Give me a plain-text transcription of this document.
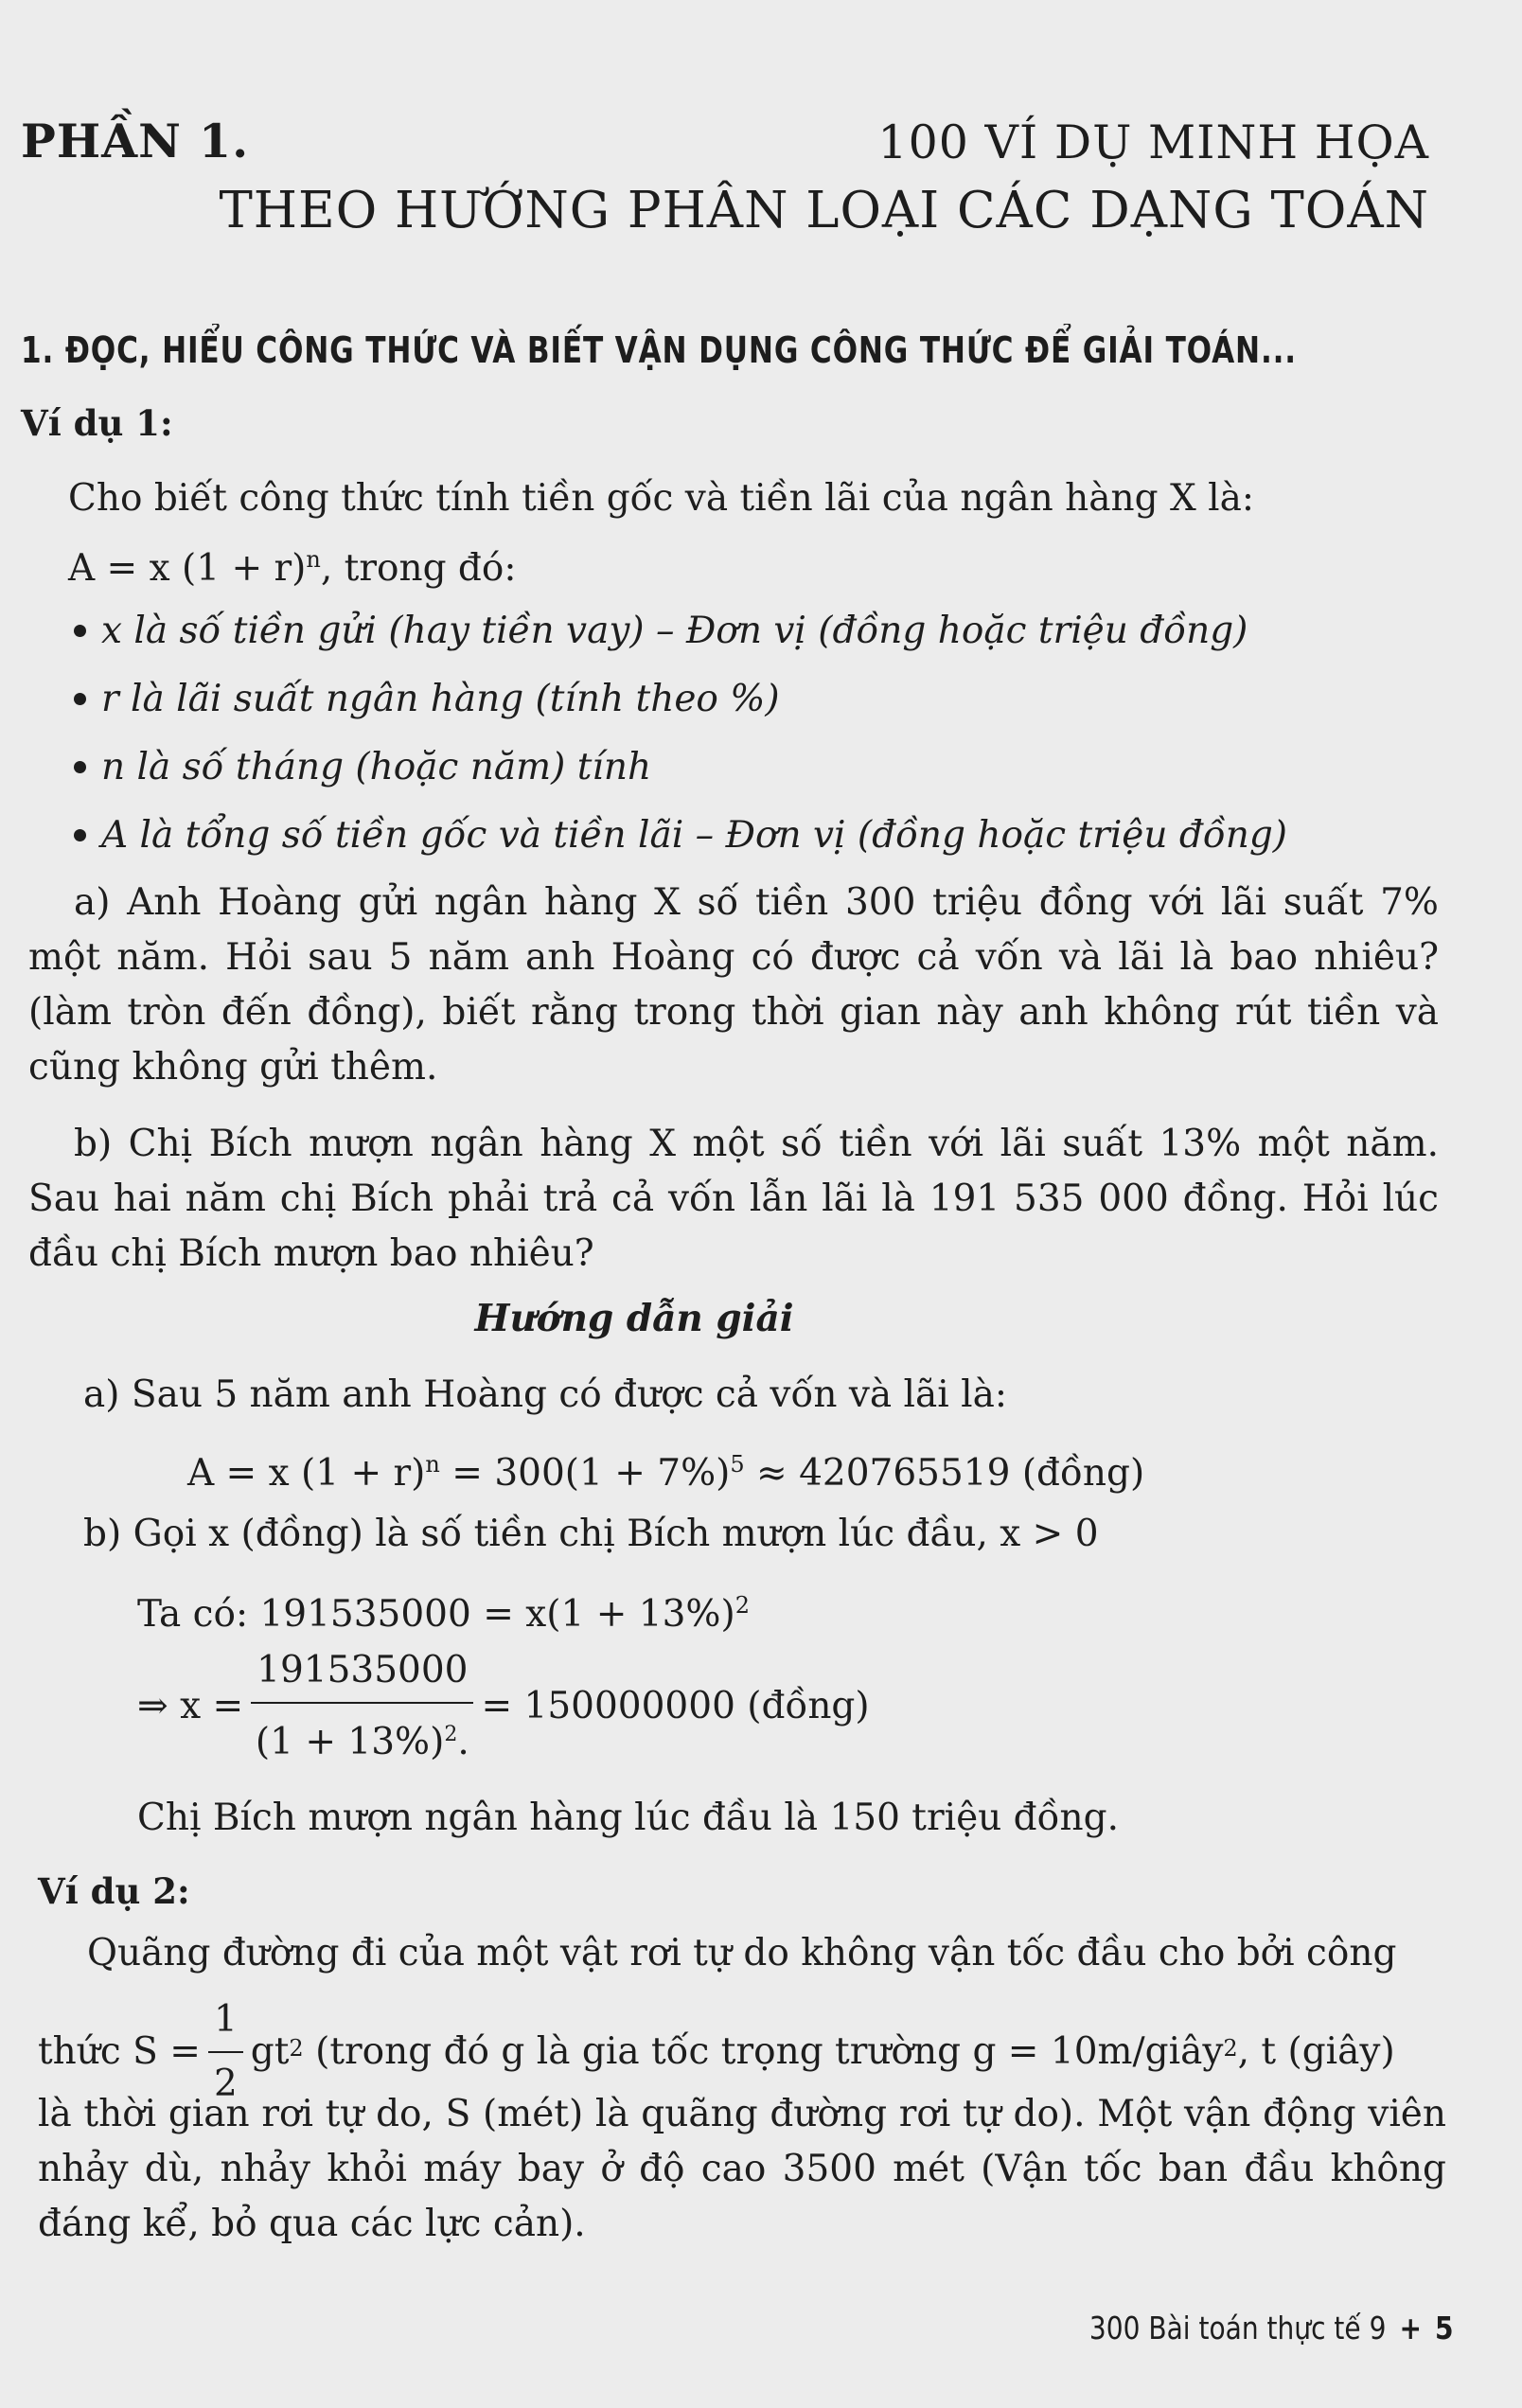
PHẦN 1.	100 VÍ DỤ MINH HỌA
THEO HƯỚNG PHÂN LOẠI CÁC DẠNG TOÁN
1. ĐỌC, HIỂU CÔNG THỨC VÀ BIẾT VẬN DỤNG CÔNG THỨC ĐỂ GIẢI TOÁN...
Ví dụ 1:
Cho biết công thức tính tiền gốc và tiền lãi của ngân hàng X là:
A = x $(1 + r)^n$, trong đó:
x là số tiền gửi (hay tiền vay) – Đơn vị (đồng hoặc triệu đồng)
r là lãi suất ngân hàng (tính theo %)
n là số tháng (hoặc năm) tính
A là tổng số tiền gốc và tiền lãi – Đơn vị (đồng hoặc triệu đồng)
a) Anh Hoàng gửi ngân hàng X số tiền 300 triệu đồng với lãi suất 7% một năm. Hỏi sau 5 năm anh Hoàng có được cả vốn và lãi là bao nhiêu? (làm tròn đến đồng), biết rằng trong thời gian này anh không rút tiền và cũng không gửi thêm.
b) Chị Bích mượn ngân hàng X một số tiền với lãi suất 13% một năm. Sau hai năm chị Bích phải trả cả vốn lẫn lãi là 191 535 000 đồng. Hỏi lúc đầu chị Bích mượn bao nhiêu?
Hướng dẫn giải
a) Sau 5 năm anh Hoàng có được cả vốn và lãi là:
A = x $(1 + r)^n = 300(1 + 7\%)^5 \approx 420765519$ (đồng)
b) Gọi x (đồng) là số tiền chị Bích mượn lúc đầu, x > 0
Ta có: $191535000 = x(1 + 13\%)^2$
⇒ $x = \frac{191535000}{(1 + 13\%)^2.} = 150000000$ (đồng)
Chị Bích mượn ngân hàng lúc đầu là 150 triệu đồng.
Ví dụ 2:
Quãng đường đi của một vật rơi tự do không vận tốc đầu cho bởi công
thức $S = \frac{1}{2}$ gt 2 (trong đó g là gia tốc trọng trường g = 10m/giây 2 , t (giây)
là thời gian rơi tự do, S (mét) là quãng đường rơi tự do). Một vận động viên nhảy dù, nhảy khỏi máy bay ở độ cao 3500 mét (Vận tốc ban đầu không đáng kể, bỏ qua các lực cản).
300 Bài toán thực tế 9 + 5
